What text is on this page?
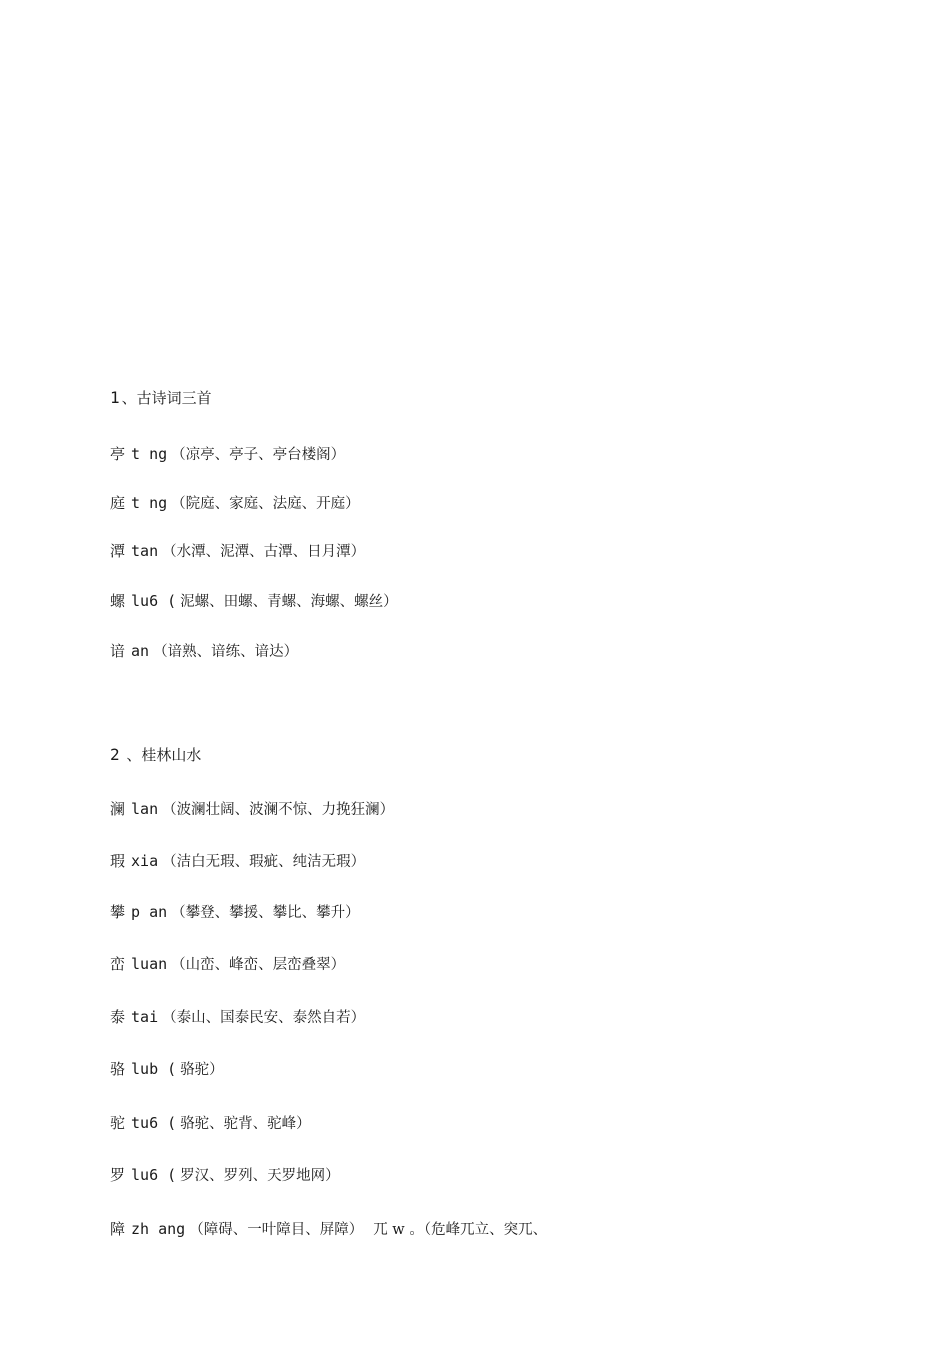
1 、古诗词三首
亭 t ng （凉亭、亭子、亭台楼阁）
庭 t ng （院庭、家庭、法庭、开庭）
潭 tan （水潭、泥潭、古潭、日月潭）
螺 lu6 ( 泥螺、田螺、青螺、海螺、螺丝）
谙 an （谙熟、谙练、谙达）
2 、桂林山水
澜 lan （波澜壮阔、波澜不惊、力挽狂澜）
瑕 xia （洁白无瑕、瑕疵、纯洁无瑕）
攀 p an （攀登、攀援、攀比、攀升）
峦 luan （山峦、峰峦、层峦叠翠）
泰 tai （泰山、国泰民安、泰然自若）
骆 lub ( 骆驼）
驼 tu6 ( 骆驼、驼背、驼峰）
罗 lu6 ( 罗汉、罗列、天罗地网）
障 zh ang （障碍、一叶障目、屏障） 兀 w 。（危峰兀立、突兀、
